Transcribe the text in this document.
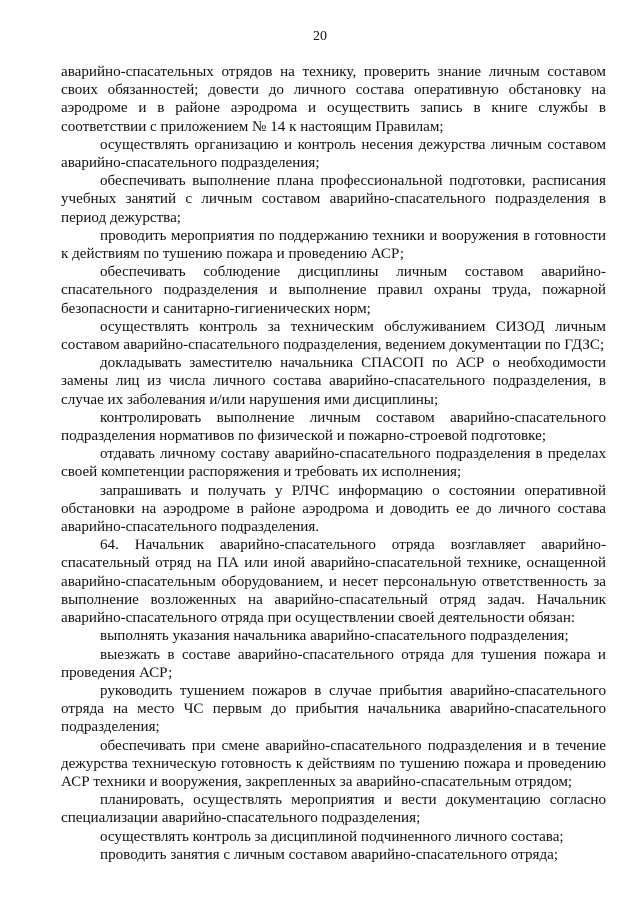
20

аварийно-спасательных отрядов на технику, проверить знание личным составом своих обязанностей; довести до личного состава оперативную обстановку на аэродроме и в районе аэродрома и осуществить запись в книге службы в соответствии с приложением № 14 к настоящим Правилам;

осуществлять организацию и контроль несения дежурства личным составом аварийно-спасательного подразделения;

обеспечивать выполнение плана профессиональной подготовки, расписания учебных занятий с личным составом аварийно-спасательного подразделения в период дежурства;

проводить мероприятия по поддержанию техники и вооружения в готовности к действиям по тушению пожара и проведению АСР;

обеспечивать соблюдение дисциплины личным составом аварийно-спасательного подразделения и выполнение правил охраны труда, пожарной безопасности и санитарно-гигиенических норм;

осуществлять контроль за техническим обслуживанием СИЗОД личным составом аварийно-спасательного подразделения, ведением документации по ГДЗС;

докладывать заместителю начальника СПАСОП по АСР о необходимости замены лиц из числа личного состава аварийно-спасательного подразделения, в случае их заболевания и/или нарушения ими дисциплины;

контролировать выполнение личным составом аварийно-спасательного подразделения нормативов по физической и пожарно-строевой подготовке;

отдавать личному составу аварийно-спасательного подразделения в пределах своей компетенции распоряжения и требовать их исполнения;

запрашивать и получать у РЛЧС информацию о состоянии оперативной обстановки на аэродроме в районе аэродрома и доводить ее до личного состава аварийно-спасательного подразделения.

64. Начальник аварийно-спасательного отряда возглавляет аварийно-спасательный отряд на ПА или иной аварийно-спасательной технике, оснащенной аварийно-спасательным оборудованием, и несет персональную ответственность за выполнение возложенных на аварийно-спасательный отряд задач. Начальник аварийно-спасательного отряда при осуществлении своей деятельности обязан:

выполнять указания начальника аварийно-спасательного подразделения;

выезжать в составе аварийно-спасательного отряда для тушения пожара и проведения АСР;

руководить тушением пожаров в случае прибытия аварийно-спасательного отряда на место ЧС первым до прибытия начальника аварийно-спасательного подразделения;

обеспечивать при смене аварийно-спасательного подразделения и в течение дежурства техническую готовность к действиям по тушению пожара и проведению АСР техники и вооружения, закрепленных за аварийно-спасательным отрядом;

планировать, осуществлять мероприятия и вести документацию согласно специализации аварийно-спасательного подразделения;

осуществлять контроль за дисциплиной подчиненного личного состава;

проводить занятия с личным составом аварийно-спасательного отряда;
